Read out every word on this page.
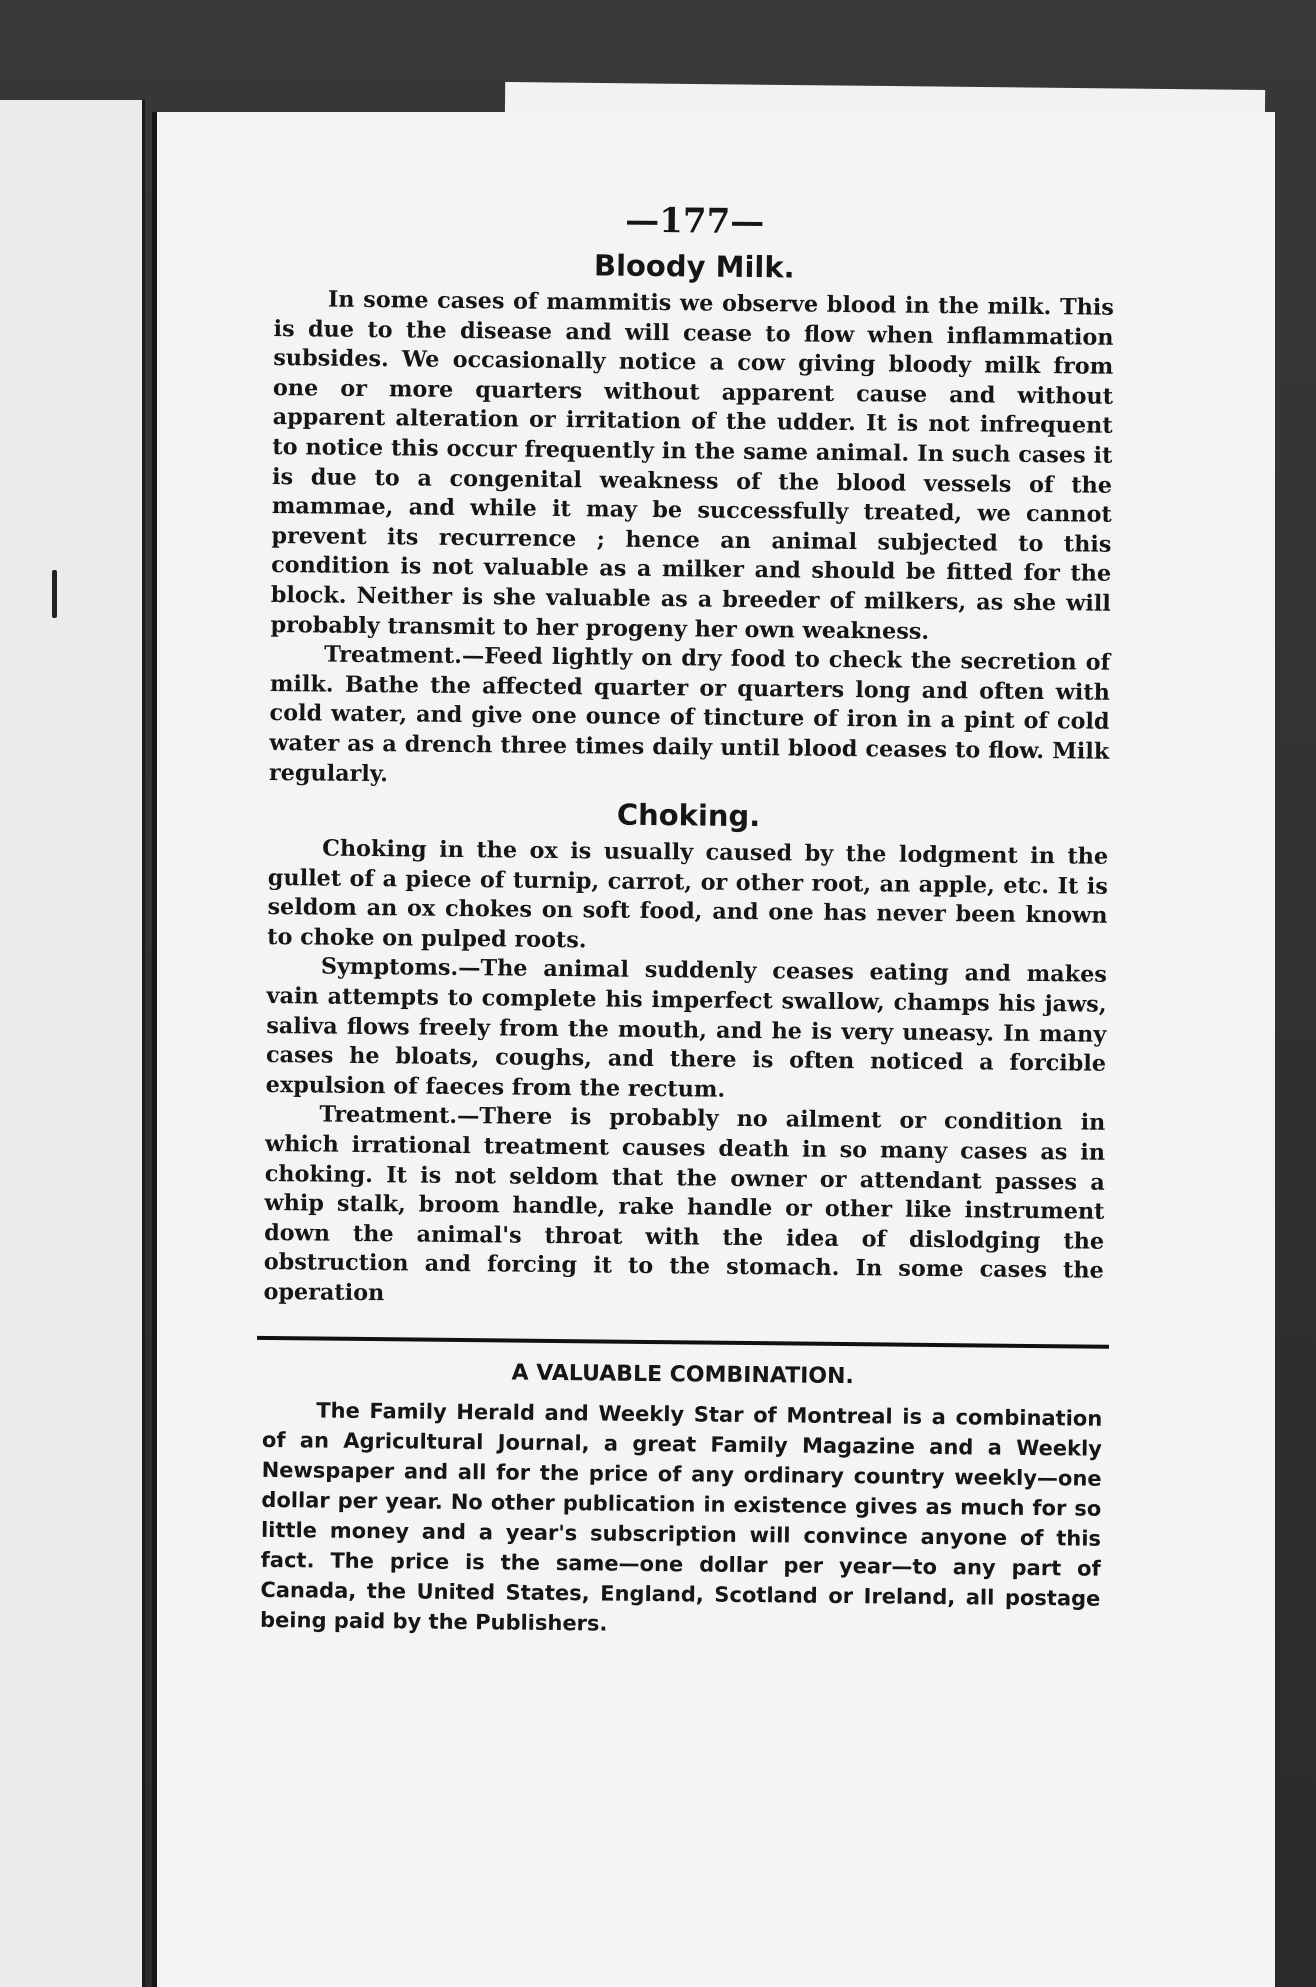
—177—
Bloody Milk.

In some cases of mammitis we observe blood in the milk. This is due to the disease and will cease to flow when inflammation subsides. We occasionally notice a cow giving bloody milk from one or more quarters without apparent cause and without apparent alteration or irritation of the udder. It is not infrequent to notice this occur frequently in the same animal. In such cases it is due to a congenital weakness of the blood vessels of the mammae, and while it may be successfully treated, we cannot prevent its recurrence ; hence an animal subjected to this condition is not valuable as a milker and should be fitted for the block. Neither is she valuable as a breeder of milkers, as she will probably transmit to her progeny her own weakness.

Treatment.—Feed lightly on dry food to check the secretion of milk. Bathe the affected quarter or quarters long and often with cold water, and give one ounce of tincture of iron in a pint of cold water as a drench three times daily until blood ceases to flow. Milk regularly.

Choking.

Choking in the ox is usually caused by the lodgment in the gullet of a piece of turnip, carrot, or other root, an apple, etc. It is seldom an ox chokes on soft food, and one has never been known to choke on pulped roots.

Symptoms.—The animal suddenly ceases eating and makes vain attempts to complete his imperfect swallow, champs his jaws, saliva flows freely from the mouth, and he is very uneasy. In many cases he bloats, coughs, and there is often noticed a forcible expulsion of faeces from the rectum.

Treatment.—There is probably no ailment or condition in which irrational treatment causes death in so many cases as in choking. It is not seldom that the owner or attendant passes a whip stalk, broom handle, rake handle or other like instrument down the animal's throat with the idea of dislodging the obstruction and forcing it to the stomach. In some cases the operation

A VALUABLE COMBINATION.

The Family Herald and Weekly Star of Montreal is a combination of an Agricultural Journal, a great Family Magazine and a Weekly Newspaper and all for the price of any ordinary country weekly—one dollar per year. No other publication in existence gives as much for so little money and a year's subscription will convince anyone of this fact. The price is the same—one dollar per year—to any part of Canada, the United States, England, Scotland or Ireland, all postage being paid by the Publishers.
